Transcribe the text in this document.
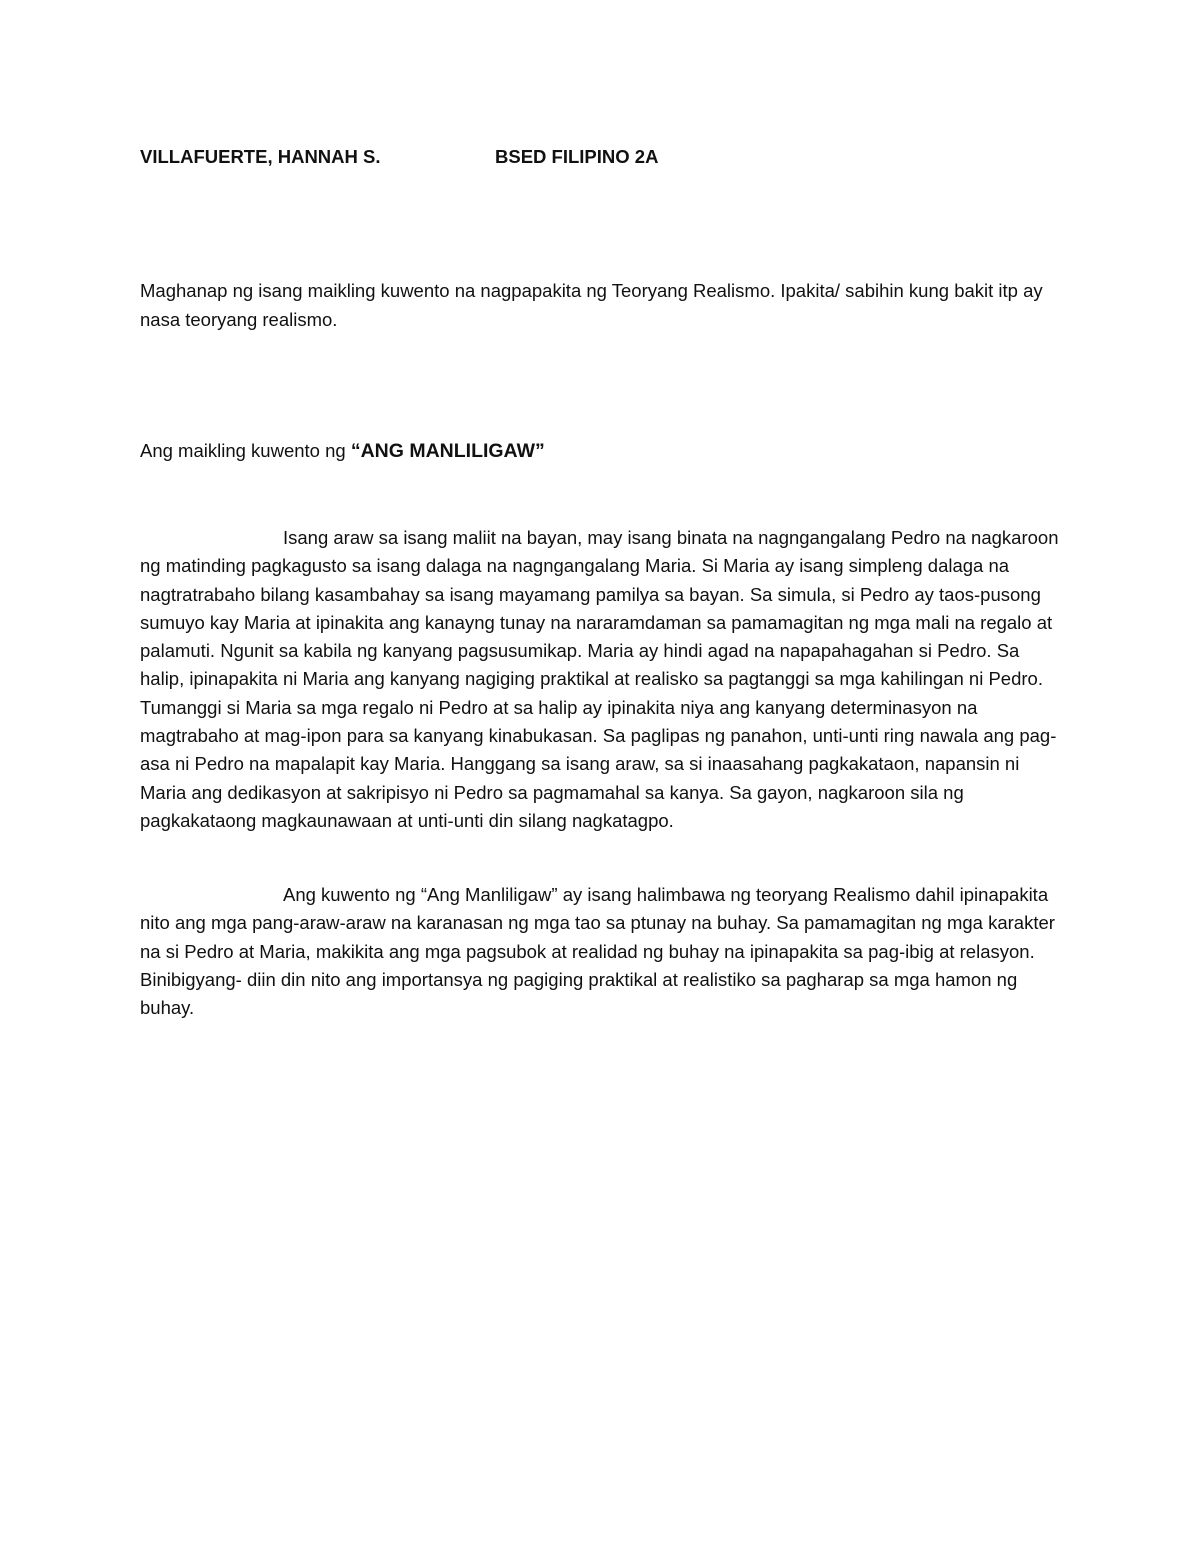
VILLAFUERTE, HANNAH S.	BSED FILIPINO 2A

Maghanap ng isang maikling kuwento na nagpapakita ng Teoryang Realismo. Ipakita/ sabihin kung bakit itp ay nasa teoryang realismo.

Ang maikling kuwento ng “ANG MANLILIGAW”

Isang araw sa isang maliit na bayan, may isang binata na nagngangalang Pedro na nagkaroon ng matinding pagkagusto sa isang dalaga na nagngangalang Maria. Si Maria ay isang simpleng dalaga na nagtratrabaho bilang kasambahay sa isang mayamang pamilya sa bayan. Sa simula, si Pedro ay taos-pusong sumuyo kay Maria at ipinakita ang kanayng tunay na nararamdaman sa pamamagitan ng mga mali na regalo at palamuti. Ngunit sa kabila ng kanyang pagsusumikap. Maria ay hindi agad na napapahagahan si Pedro. Sa halip, ipinapakita ni Maria ang kanyang nagiging praktikal at realisko sa pagtanggi sa mga kahilingan ni Pedro. Tumanggi si Maria sa mga regalo ni Pedro at sa halip ay ipinakita niya ang kanyang determinasyon na magtrabaho at mag-ipon para sa kanyang kinabukasan. Sa paglipas ng panahon, unti-unti ring nawala ang pag-asa ni Pedro na mapalapit kay Maria. Hanggang sa isang araw, sa si inaasahang pagkakataon, napansin ni Maria ang dedikasyon at sakripisyo ni Pedro sa pagmamahal sa kanya. Sa gayon, nagkaroon sila ng pagkakataong magkaunawaan at unti-unti din silang nagkatagpo.

Ang kuwento ng “Ang Manliligaw” ay isang halimbawa ng teoryang Realismo dahil ipinapakita nito ang mga pang-araw-araw na karanasan ng mga tao sa ptunay na buhay. Sa pamamagitan ng mga karakter na si Pedro at Maria, makikita ang mga pagsubok at realidad ng buhay na ipinapakita sa pag-ibig at relasyon. Binibigyang- diin din nito ang importansya ng pagiging praktikal at realistiko sa pagharap sa mga hamon ng buhay.
